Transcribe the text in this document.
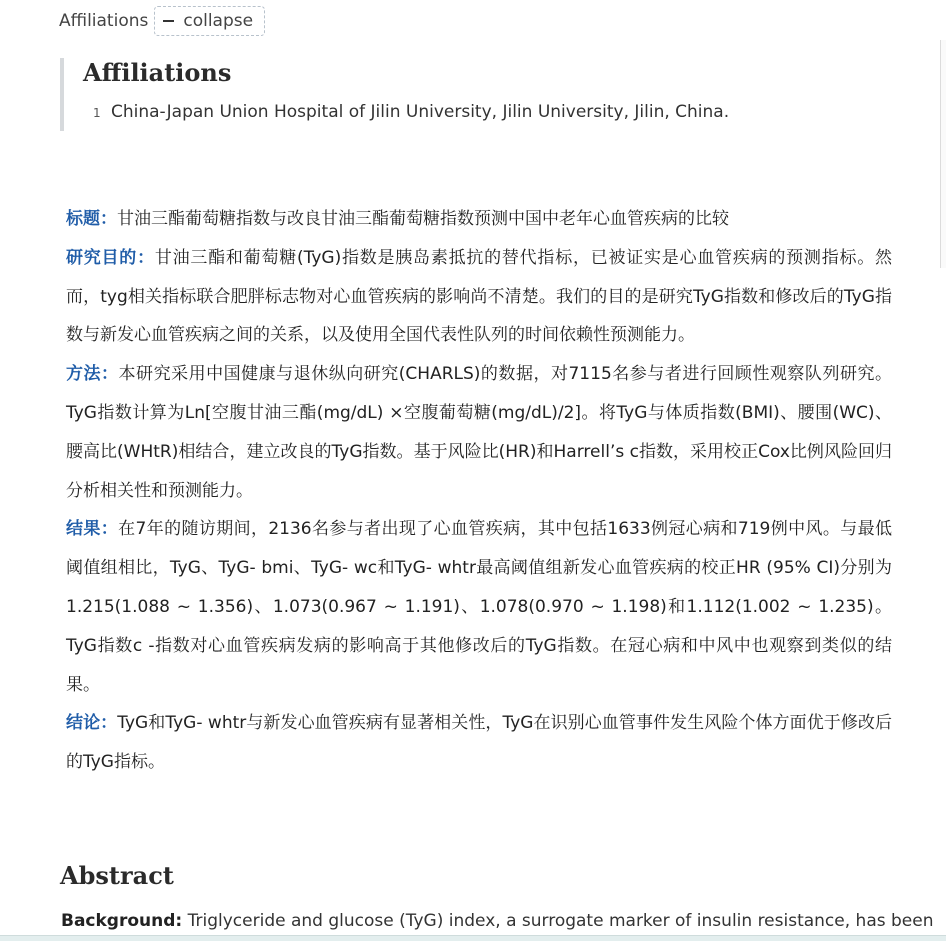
Affiliations collapse
Affiliations
1 China-Japan Union Hospital of Jilin University, Jilin University, Jilin, China.

标题：甘油三酯葡萄糖指数与改良甘油三酯葡萄糖指数预测中国中老年心血管疾病的比较

研究目的：甘油三酯和葡萄糖(TyG)指数是胰岛素抵抗的替代指标，已被证实是心血管疾病的预测指标。然而，tyg相关指标联合肥胖标志物对心血管疾病的影响尚不清楚。我们的目的是研究TyG指数和修改后的TyG指数与新发心血管疾病之间的关系，以及使用全国代表性队列的时间依赖性预测能力。

方法：本研究采用中国健康与退休纵向研究(CHARLS)的数据，对7115名参与者进行回顾性观察队列研究。TyG指数计算为Ln[空腹甘油三酯(mg/dL) ×空腹葡萄糖(mg/dL)/2]。将TyG与体质指数(BMI)、腰围(WC)、腰高比(WHtR)相结合，建立改良的TyG指数。基于风险比(HR)和Harrell’s c指数，采用校正Cox比例风险回归分析相关性和预测能力。

结果：在7年的随访期间，2136名参与者出现了心血管疾病，其中包括1633例冠心病和719例中风。与最低阈值组相比，TyG、TyG- bmi、TyG- wc和TyG- whtr最高阈值组新发心血管疾病的校正HR (95% CI)分别为1.215(1.088 ~ 1.356)、1.073(0.967 ~ 1.191)、1.078(0.970 ~ 1.198)和1.112(1.002 ~ 1.235)。TyG指数c -指数对心血管疾病发病的影响高于其他修改后的TyG指数。在冠心病和中风中也观察到类似的结果。

结论：TyG和TyG- whtr与新发心血管疾病有显著相关性，TyG在识别心血管事件发生风险个体方面优于修改后的TyG指标。

Abstract
Background: Triglyceride and glucose (TyG) index, a surrogate marker of insulin resistance, has been
